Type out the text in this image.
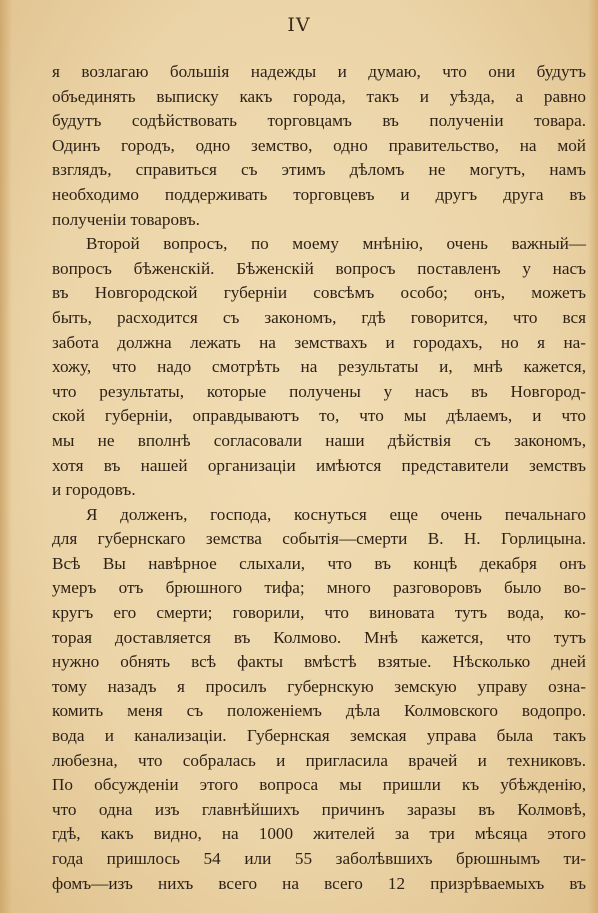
IV
я возлагаю большія надежды и думаю, что они будутъ
объединять выписку какъ города, такъ и уѣзда, а равно
будутъ содѣйствовать торговцамъ въ полученіи товара.
Одинъ городъ, одно земство, одно правительство, на мой
взглядъ, справиться съ этимъ дѣломъ не могутъ, намъ
необходимо поддерживать торговцевъ и другъ друга въ
полученіи товаровъ.
Второй вопросъ, по моему мнѣнію, очень важный—
вопросъ бѣженскій. Бѣженскій вопросъ поставленъ у насъ
въ Новгородской губерніи совсѣмъ особо; онъ, можетъ
быть, расходится съ закономъ, гдѣ говорится, что вся
забота должна лежать на земствахъ и городахъ, но я на-
хожу, что надо смотрѣть на результаты и, мнѣ кажется,
что результаты, которые получены у насъ въ Новгород-
ской губерніи, оправдываютъ то, что мы дѣлаемъ, и что
мы не вполнѣ согласовали наши дѣйствія съ закономъ,
хотя въ нашей организаціи имѣются представители земствъ
и городовъ.
Я долженъ, господа, коснуться еще очень печальнаго
для губернскаго земства событія—смерти В. Н. Горлицына.
Всѣ Вы навѣрное слыхали, что въ концѣ декабря онъ
умеръ отъ брюшного тифа; много разговоровъ было во-
кругъ его смерти; говорили, что виновата тутъ вода, ко-
торая доставляется въ Колмово. Мнѣ кажется, что тутъ
нужно обнять всѣ факты вмѣстѣ взятые. Нѣсколько дней
тому назадъ я просилъ губернскую земскую управу озна-
комить меня съ положеніемъ дѣла Колмовского водопро.
вода и канализаціи. Губернская земская управа была такъ
любезна, что собралась и пригласила врачей и техниковъ.
По обсужденіи этого вопроса мы пришли къ убѣжденію,
что одна изъ главнѣйшихъ причинъ заразы въ Колмовѣ,
гдѣ, какъ видно, на 1000 жителей за три мѣсяца этого
года пришлось 54 или 55 заболѣвшихъ брюшнымъ ти-
фомъ—изъ нихъ всего на всего 12 призрѣваемыхъ въ
